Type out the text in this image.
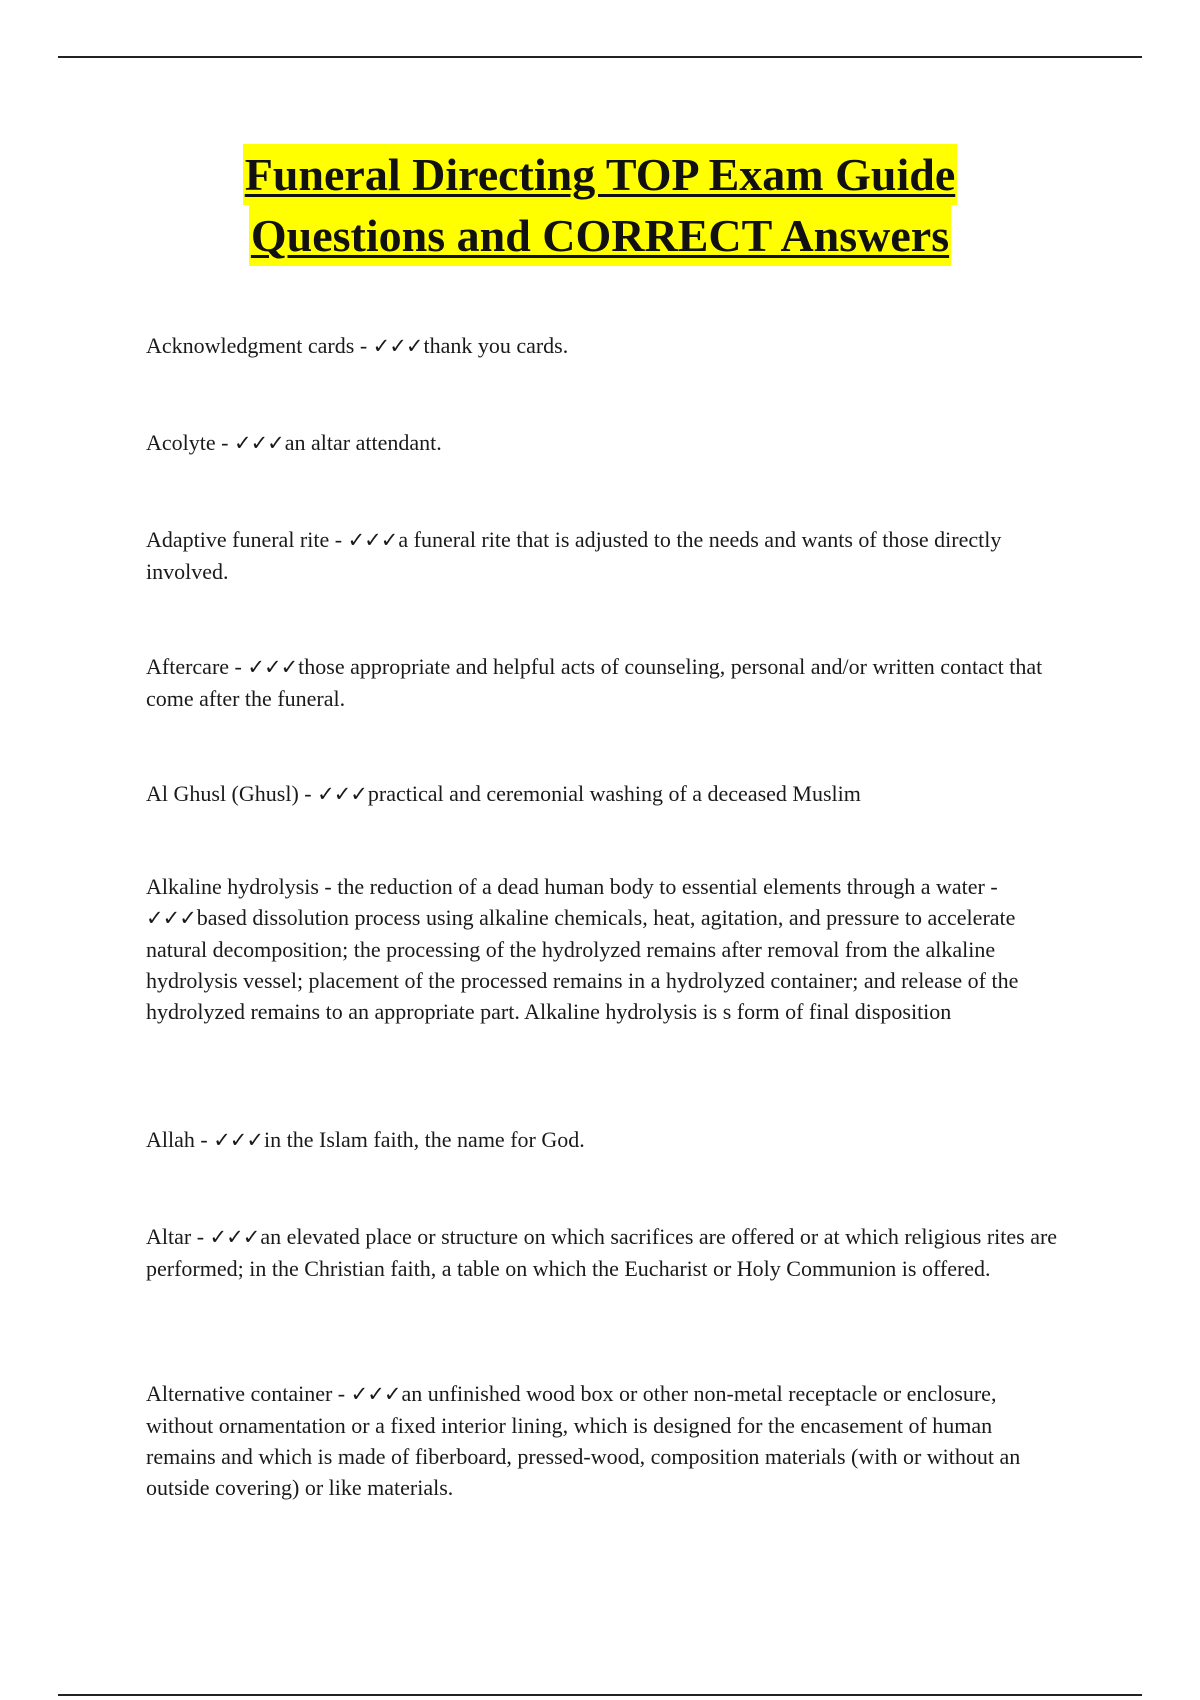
Funeral Directing TOP Exam Guide
Questions and CORRECT Answers

Acknowledgment cards - ✓✓✓thank you cards.

Acolyte - ✓✓✓an altar attendant.

Adaptive funeral rite - ✓✓✓a funeral rite that is adjusted to the needs and wants of those directly involved.

Aftercare - ✓✓✓those appropriate and helpful acts of counseling, personal and/or written contact that come after the funeral.

Al Ghusl (Ghusl) - ✓✓✓practical and ceremonial washing of a deceased Muslim

Alkaline hydrolysis - the reduction of a dead human body to essential elements through a water - ✓✓✓based dissolution process using alkaline chemicals, heat, agitation, and pressure to accelerate natural decomposition; the processing of the hydrolyzed remains after removal from the alkaline hydrolysis vessel; placement of the processed remains in a hydrolyzed container; and release of the hydrolyzed remains to an appropriate part. Alkaline hydrolysis is s form of final disposition

Allah - ✓✓✓in the Islam faith, the name for God.

Altar - ✓✓✓an elevated place or structure on which sacrifices are offered or at which religious rites are performed; in the Christian faith, a table on which the Eucharist or Holy Communion is offered.

Alternative container - ✓✓✓an unfinished wood box or other non-metal receptacle or enclosure, without ornamentation or a fixed interior lining, which is designed for the encasement of human remains and which is made of fiberboard, pressed-wood, composition materials (with or without an outside covering) or like materials.
